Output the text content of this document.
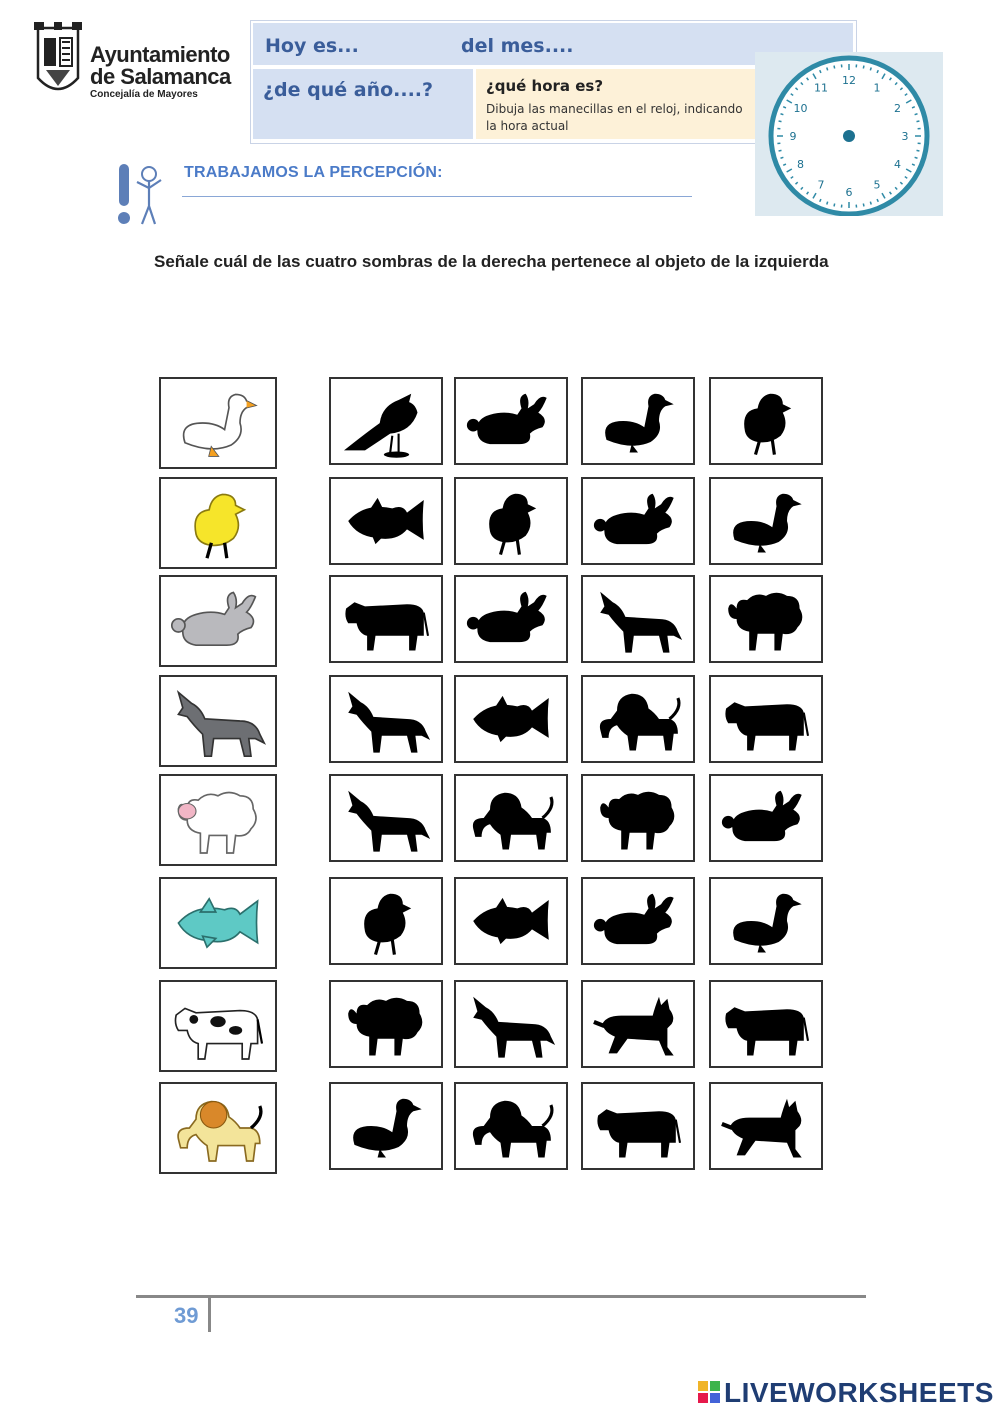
Ayuntamiento
de Salamanca
Concejalía de Mayores
Hoy es...	del mes....
¿de qué año....?	¿qué hora es?
Dibuja las manecillas en el reloj, indicando la hora actual
12
1
2
3
4
5
6
7
8
9
10
11
TRABAJAMOS LA PERCEPCIÓN:
Señale cuál de las cuatro sombras de la derecha pertenece al objeto de la izquierda
39
LIVEWORKSHEETS
